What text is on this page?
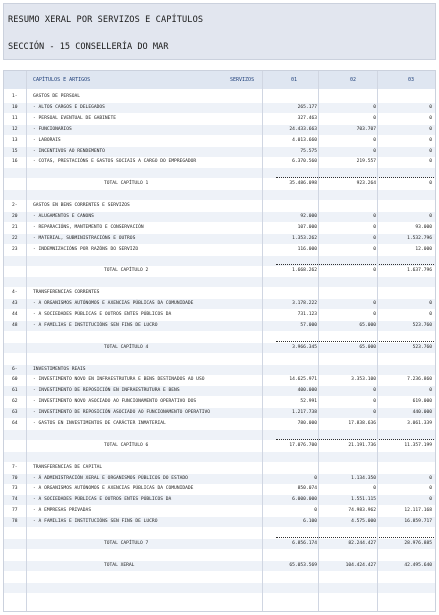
RESUMO XERAL POR SERVIZOS E CAPÍTULOS
SECCIÓN - 15 CONSELLERÍA DO MAR
CAPÍTULOS E ARTIGOS	SERVIZOS	01	02	03
1-	GASTOS DE PERSOAL
10	- ALTOS CARGOS E DELEGADOS	265.177	0	0
11	- PERSOAL EVENTUAL DE GABINETE	327.463	0	0
12	- FUNCIONARIOS	24.433.663	703.707	0
13	- LABORAIS	4.013.660	0	0
15	- INCENTIVOS AO RENDEMENTO	75.575	0	0
16	- COTAS, PRESTACIÓNS E GASTOS SOCIAIS A CARGO DO EMPREGADOR	6.370.560	219.557	0
TOTAL CAPÍTULO 1	35.486.098	923.264	0
2-	GASTOS EN BENS CORRENTES E SERVIZOS
20	- ALUGAMENTOS E CANONS	92.000	0	0
21	- REPARACIÓNS, MANTEMENTO E CONSERVACIÓN	107.000	0	93.000
22	- MATERIAL, SUBMINISTRACIÓNS E OUTROS	1.353.262	0	1.532.796
23	- INDEMNIZACIÓNS POR RAZÓNS DO SERVIZO	116.000	0	12.000
TOTAL CAPÍTULO 2	1.668.262	0	1.637.796
4-	TRANSFERENCIAS CORRENTES
43	- A ORGANISMOS AUTÓNOMOS E AXENCIAS PÚBLICAS DA COMUNIDADE	3.178.222	0	0
44	- A SOCIEDADES PÚBLICAS E OUTROS ENTES PÚBLICOS DA	731.123	0	0
48	- A FAMILIAS E INSTITUCIÓNS SEN FINS DE LUCRO	57.000	65.000	523.760
TOTAL CAPÍTULO 4	3.966.345	65.000	523.760
6-	INVESTIMENTOS REAIS
60	- INVESTIMENTO NOVO EN INFRAESTRUTURA E BENS DESTINADOS AO USO	14.625.971	3.353.100	7.236.860
61	- INVESTIMENTO DE REPOSICIÓN EN INFRAESTRUTURA E BENS	400.000	0	0
62	- INVESTIMENTO NOVO ASOCIADO AO FUNCIONAMENTO OPERATIVO DOS	52.991	0	619.000
63	- INVESTIMENTO DE REPOSICIÓN ASOCIADO AO FUNCIONAMENTO OPERATIVO	1.217.738	0	440.000
64	- GASTOS EN INVESTIMENTOS DE CARÁCTER INMATERIAL	780.000	17.838.636	3.061.339
TOTAL CAPÍTULO 6	17.076.700	21.191.736	11.357.199
7-	TRANSFERENCIAS DE CAPITAL
70	- Á ADMINISTRACIÓN XERAL E ORGANISMOS PÚBLICOS DO ESTADO	0	1.134.350	0
73	- A ORGANISMOS AUTÓNOMOS E AXENCIAS PÚBLICAS DA COMUNIDADE	850.074	0	0
74	- A SOCIEDADES PÚBLICAS E OUTROS ENTES PÚBLICOS DA	6.000.000	1.551.115	0
77	- A EMPRESAS PRIVADAS	0	74.983.962	12.117.168
78	- A FAMILIAS E INSTITUCIÓNS SEN FINS DE LUCRO	6.100	4.575.000	16.859.717
TOTAL CAPÍTULO 7	6.856.174	82.244.427	28.976.885
TOTAL XERAL	65.053.569	104.424.427	42.495.640
